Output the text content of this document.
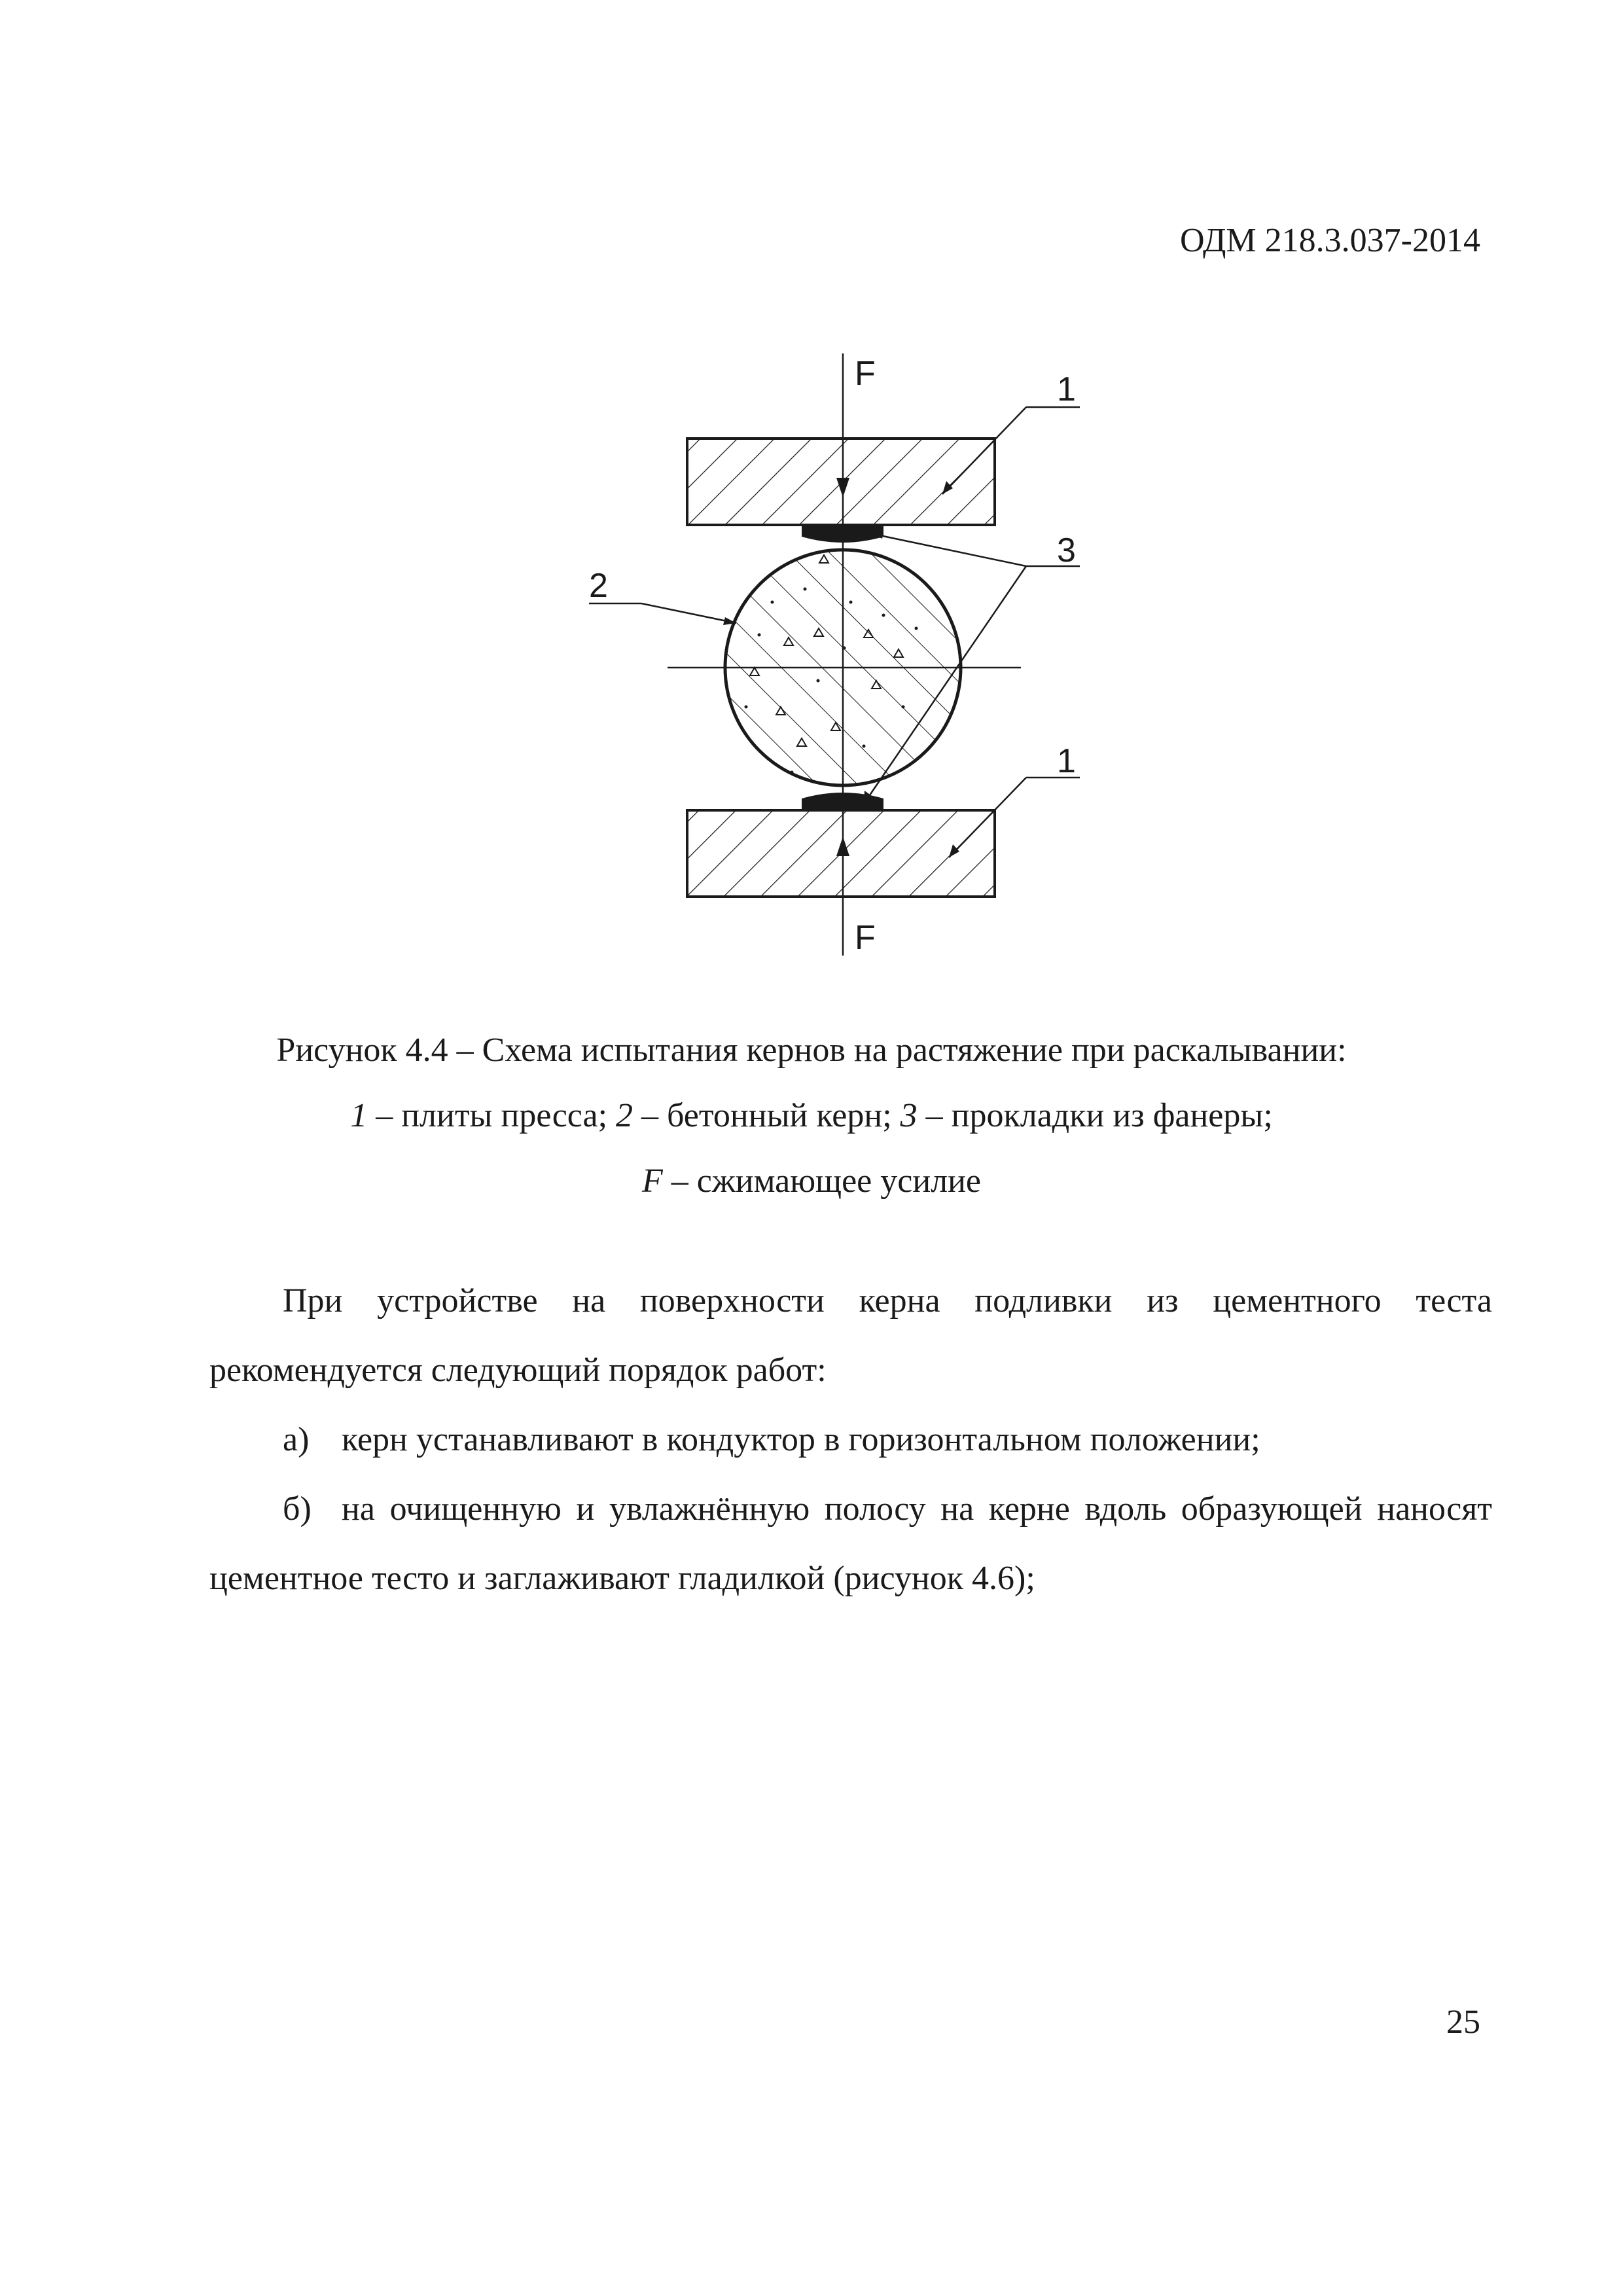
ОДМ 218.3.037-2014
F
F
1
1
3
2
Рисунок 4.4 – Схема испытания кернов на растяжение при раскалывании:
1 – плиты пресса; 2 – бетонный керн; 3 – прокладки из фанеры;
F – сжимающее усилие

При устройстве на поверхности керна подливки из цементного теста рекомендуется следующий порядок работ:

а) керн устанавливают в кондуктор в горизонтальном положении;

б) на очищенную и увлажнённую полосу на керне вдоль образующей наносят цементное тесто и заглаживают гладилкой (рисунок 4.6);

25
